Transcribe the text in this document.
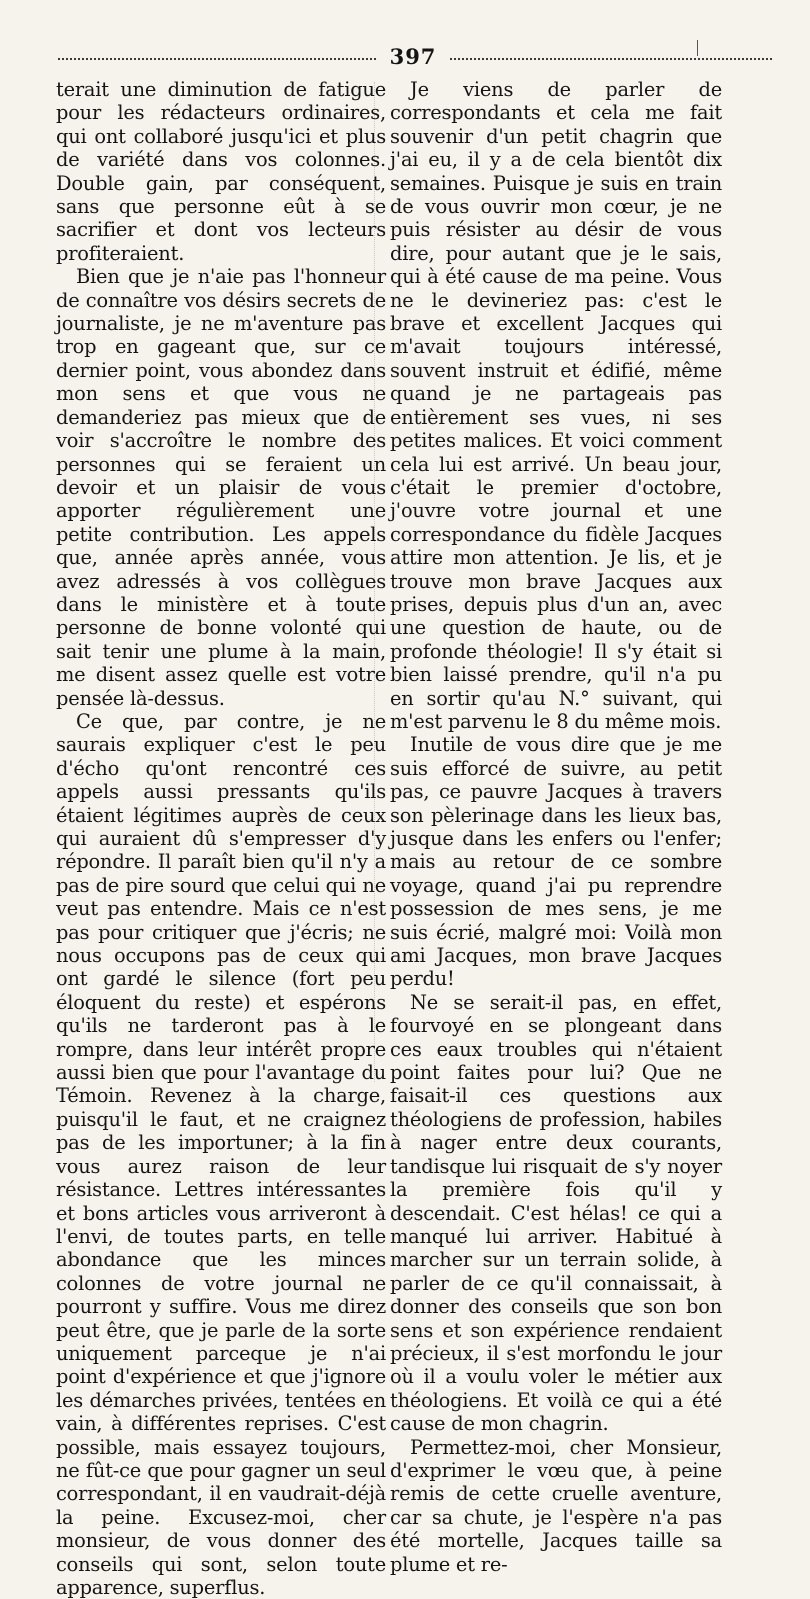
397

terait une diminution de fatigue pour les rédacteurs ordinaires, qui ont collaboré jusqu'ici et plus de variété dans vos colonnes. Double gain, par conséquent, sans que personne eût à se sacrifier et dont vos lecteurs profiteraient.

Bien que je n'aie pas l'honneur de connaître vos désirs secrets de journaliste, je ne m'aventure pas trop en gageant que, sur ce dernier point, vous abondez dans mon sens et que vous ne demanderiez pas mieux que de voir s'accroître le nombre des personnes qui se feraient un devoir et un plaisir de vous apporter régulièrement une petite contribution. Les appels que, année après année, vous avez adressés à vos collègues dans le ministère et à toute personne de bonne volonté qui sait tenir une plume à la main, me disent assez quelle est votre pensée là-dessus.

Ce que, par contre, je ne saurais expliquer c'est le peu d'écho qu'ont rencontré ces appels aussi pressants qu'ils étaient légitimes auprès de ceux qui auraient dû s'empresser d'y répondre. Il paraît bien qu'il n'y a pas de pire sourd que celui qui ne veut pas entendre. Mais ce n'est pas pour critiquer que j'écris; ne nous occupons pas de ceux qui ont gardé le silence (fort peu éloquent du reste) et espérons qu'ils ne tarderont pas à le rompre, dans leur intérêt propre aussi bien que pour l'avantage du Témoin. Revenez à la charge, puisqu'il le faut, et ne craignez pas de les importuner; à la fin vous aurez raison de leur résistance. Lettres intéressantes et bons articles vous arriveront à l'envi, de toutes parts, en telle abondance que les minces colonnes de votre journal ne pourront y suffire. Vous me direz peut être, que je parle de la sorte uniquement parceque je n'ai point d'expérience et que j'ignore les démarches privées, tentées en vain, à différentes reprises. C'est possible, mais essayez toujours, ne fût-ce que pour gagner un seul correspondant, il en vaudrait-déjà la peine. Excusez-moi, cher monsieur, de vous donner des conseils qui sont, selon toute apparence, superflus.

Je viens de parler de correspondants et cela me fait souvenir d'un petit chagrin que j'ai eu, il y a de cela bientôt dix semaines. Puisque je suis en train de vous ouvrir mon cœur, je ne puis résister au désir de vous dire, pour autant que je le sais, qui à été cause de ma peine. Vous ne le devineriez pas: c'est le brave et excellent Jacques qui m'avait toujours intéressé, souvent instruit et édifié, même quand je ne partageais pas entièrement ses vues, ni ses petites malices. Et voici comment cela lui est arrivé. Un beau jour, c'était le premier d'octobre, j'ouvre votre journal et une correspondance du fidèle Jacques attire mon attention. Je lis, et je trouve mon brave Jacques aux prises, depuis plus d'un an, avec une question de haute, ou de profonde théologie! Il s'y était si bien laissé prendre, qu'il n'a pu en sortir qu'au N.° suivant, qui m'est parvenu le 8 du même mois.

Inutile de vous dire que je me suis efforcé de suivre, au petit pas, ce pauvre Jacques à travers son pèlerinage dans les lieux bas, jusque dans les enfers ou l'enfer; mais au retour de ce sombre voyage, quand j'ai pu reprendre possession de mes sens, je me suis écrié, malgré moi: Voilà mon ami Jacques, mon brave Jacques perdu!

Ne se serait-il pas, en effet, fourvoyé en se plongeant dans ces eaux troubles qui n'étaient point faites pour lui? Que ne faisait-il ces questions aux théologiens de profession, habiles à nager entre deux courants, tandisque lui risquait de s'y noyer la première fois qu'il y descendait. C'est hélas! ce qui a manqué lui arriver. Habitué à marcher sur un terrain solide, à parler de ce qu'il connaissait, à donner des conseils que son bon sens et son expérience rendaient précieux, il s'est morfondu le jour où il a voulu voler le métier aux théologiens. Et voilà ce qui a été cause de mon chagrin.

Permettez-moi, cher Monsieur, d'exprimer le vœu que, à peine remis de cette cruelle aventure, car sa chute, je l'espère n'a pas été mortelle, Jacques taille sa plume et re-
